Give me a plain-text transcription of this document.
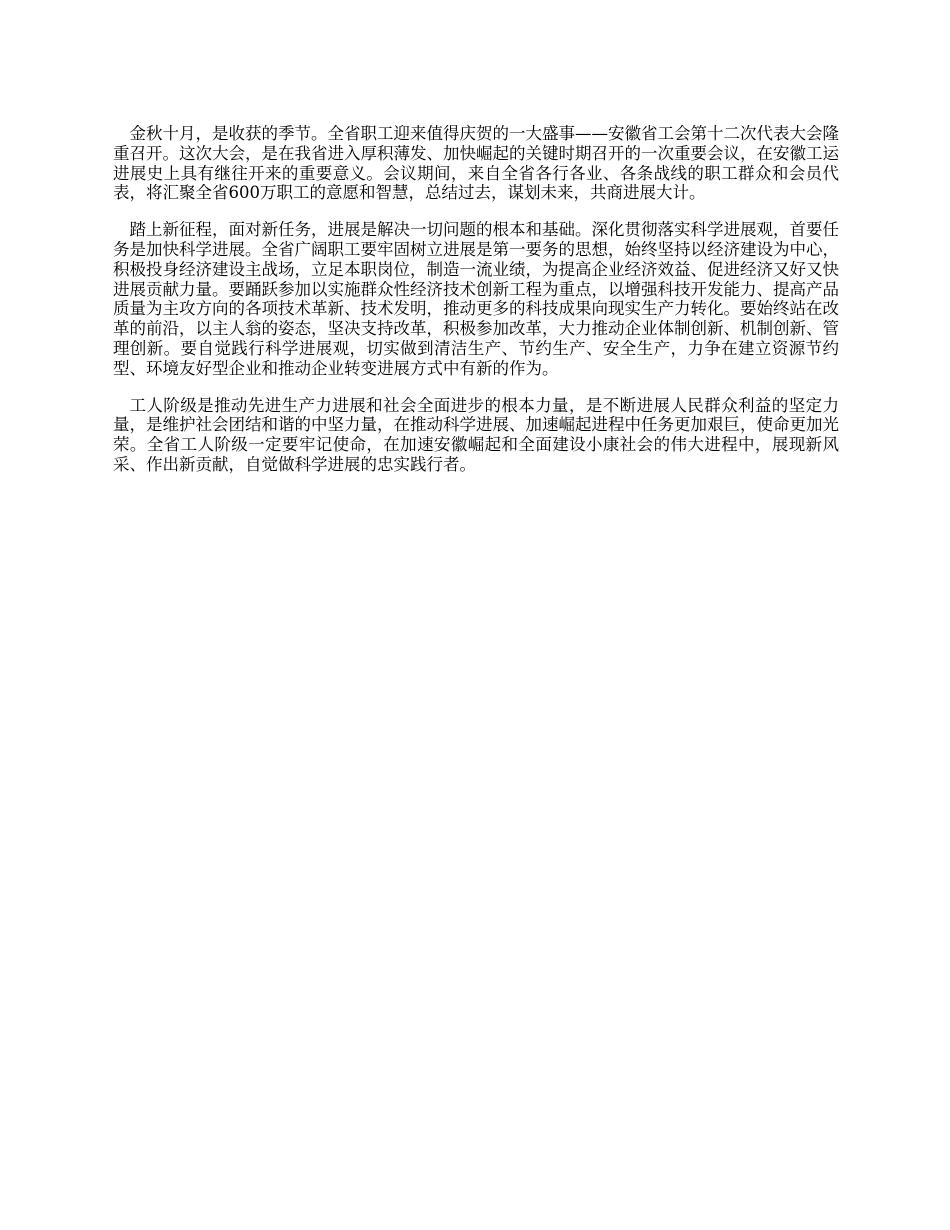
金秋十月，是收获的季节。全省职工迎来值得庆贺的一大盛事——安徽省工会第十二次代表大会隆重召开。这次大会，是在我省进入厚积薄发、加快崛起的关键时期召开的一次重要会议，在安徽工运进展史上具有继往开来的重要意义。会议期间，来自全省各行各业、各条战线的职工群众和会员代表，将汇聚全省600万职工的意愿和智慧，总结过去，谋划未来，共商进展大计。

踏上新征程，面对新任务，进展是解决一切问题的根本和基础。深化贯彻落实科学进展观，首要任务是加快科学进展。全省广阔职工要牢固树立进展是第一要务的思想，始终坚持以经济建设为中心，积极投身经济建设主战场，立足本职岗位，制造一流业绩，为提高企业经济效益、促进经济又好又快进展贡献力量。要踊跃参加以实施群众性经济技术创新工程为重点，以增强科技开发能力、提高产品质量为主攻方向的各项技术革新、技术发明，推动更多的科技成果向现实生产力转化。要始终站在改革的前沿，以主人翁的姿态，坚决支持改革，积极参加改革，大力推动企业体制创新、机制创新、管理创新。要自觉践行科学进展观，切实做到清洁生产、节约生产、安全生产，力争在建立资源节约型、环境友好型企业和推动企业转变进展方式中有新的作为。

工人阶级是推动先进生产力进展和社会全面进步的根本力量，是不断进展人民群众利益的坚定力量，是维护社会团结和谐的中坚力量，在推动科学进展、加速崛起进程中任务更加艰巨，使命更加光荣。全省工人阶级一定要牢记使命，在加速安徽崛起和全面建设小康社会的伟大进程中，展现新风采、作出新贡献，自觉做科学进展的忠实践行者。
